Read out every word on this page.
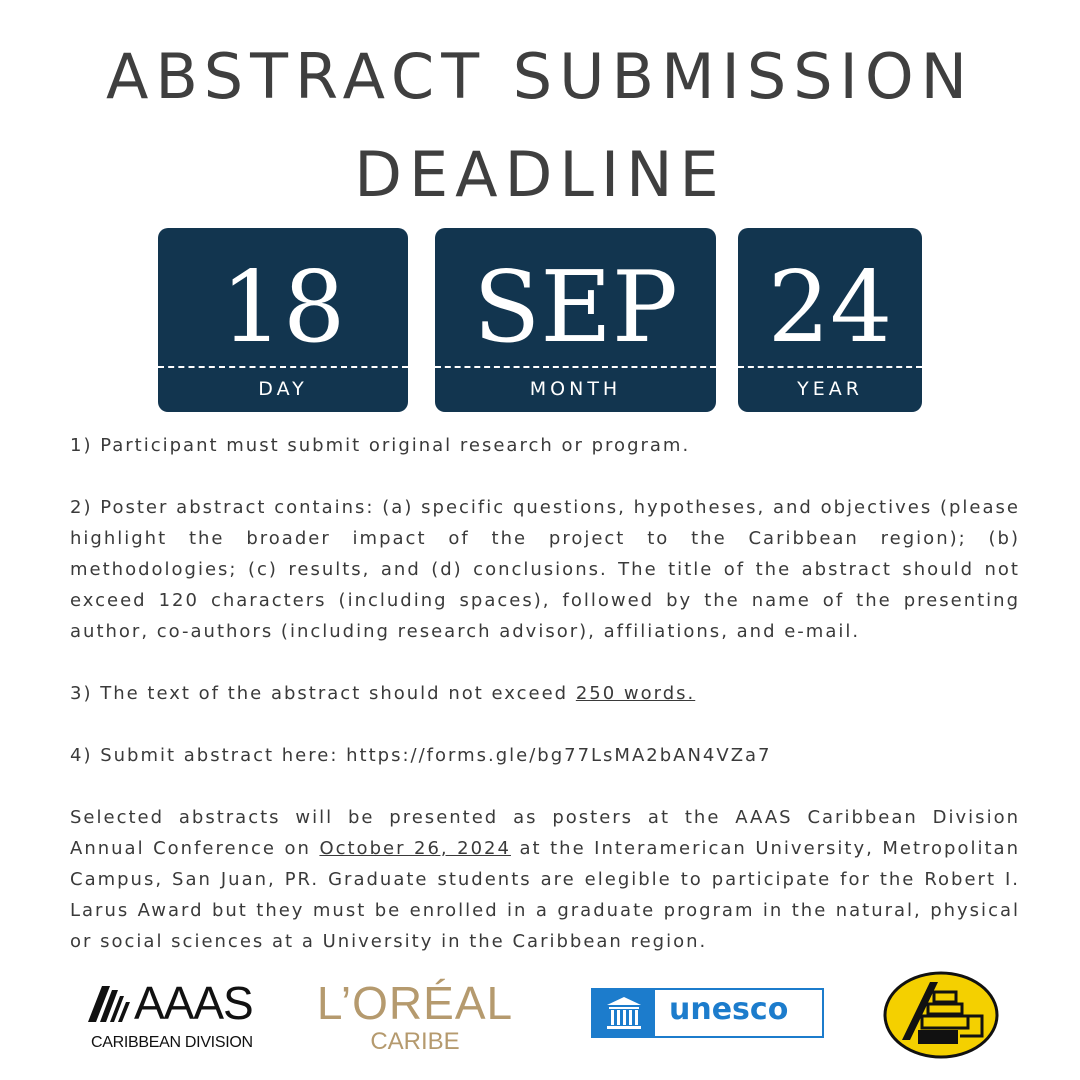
ABSTRACT SUBMISSION
DEADLINE
18
DAY
SEP
MONTH
24
YEAR

1) Participant must submit original research or program.

2) Poster abstract contains: (a) specific questions, hypotheses, and objectives (please highlight the broader impact of the project to the Caribbean region); (b) methodologies; (c) results, and (d) conclusions. The title of the abstract should not exceed 120 characters (including spaces), followed by the name of the presenting author, co-authors (including research advisor), affiliations, and e-mail.

3) The text of the abstract should not exceed 250 words.

4) Submit abstract here: https://forms.gle/bg77LsMA2bAN4VZa7

Selected abstracts will be presented as posters at the AAAS Caribbean Division Annual Conference on October 26, 2024 at the Interamerican University, Metropolitan Campus, San Juan, PR. Graduate students are elegible to participate for the Robert I. Larus Award but they must be enrolled in a graduate program in the natural, physical or social sciences at a University in the Caribbean region.

AAAS
CARIBBEAN DIVISION
L’ORÉAL
CARIBE
unesco
